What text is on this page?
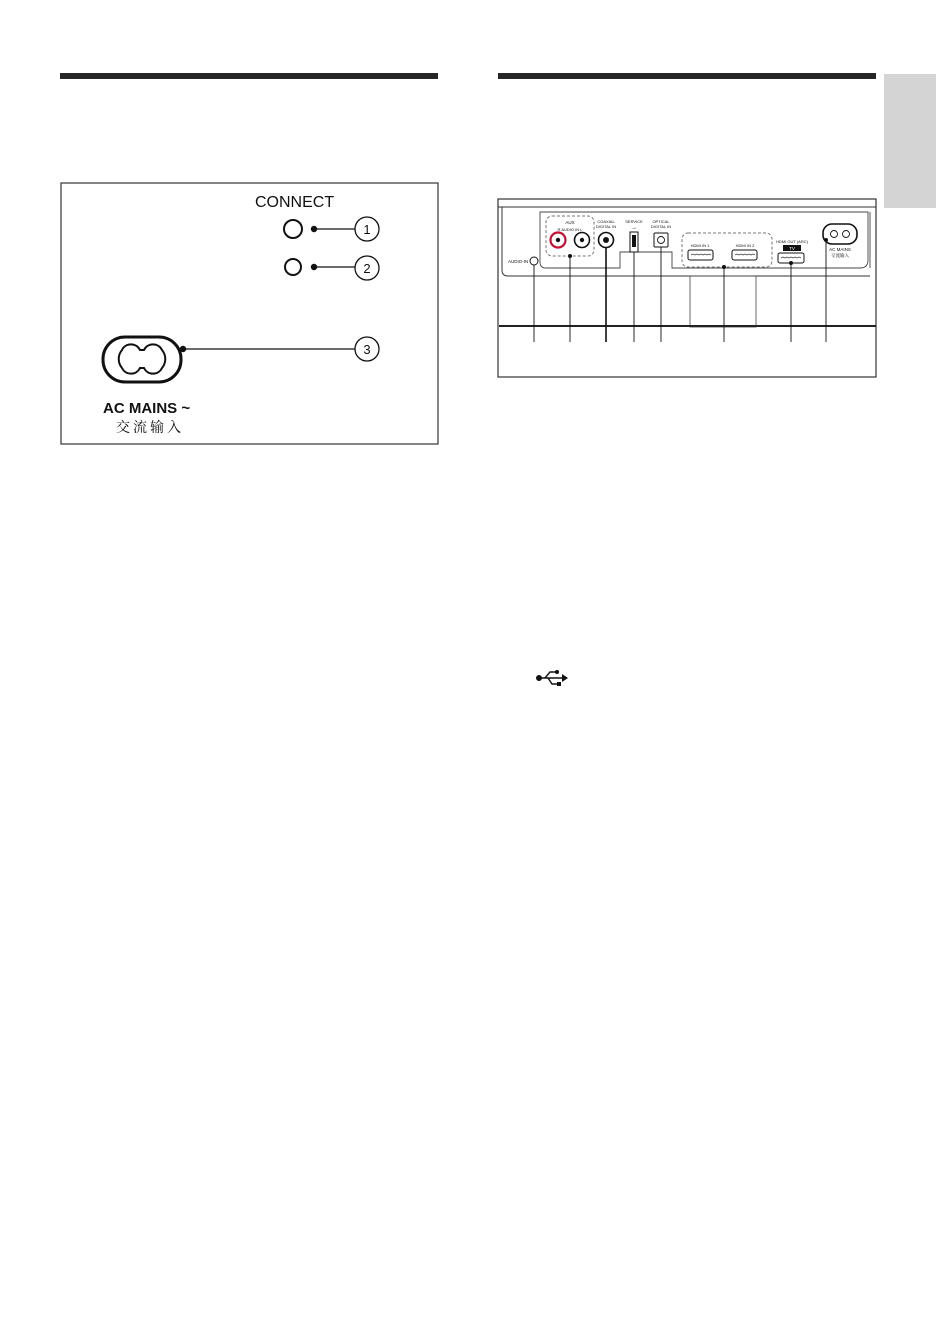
CONNECT
1
2
3
AC MAINS ~
交流输入
AUDIO-IN
AUX
R AUDIO IN L
COAXIAL
DIGITAL IN
SERVICE
→
OPTICAL
DIGITAL IN
HDMI IN 1	HDMI IN 2
HDMI OUT (ARC)
TV	AC MAINS
交流输入
